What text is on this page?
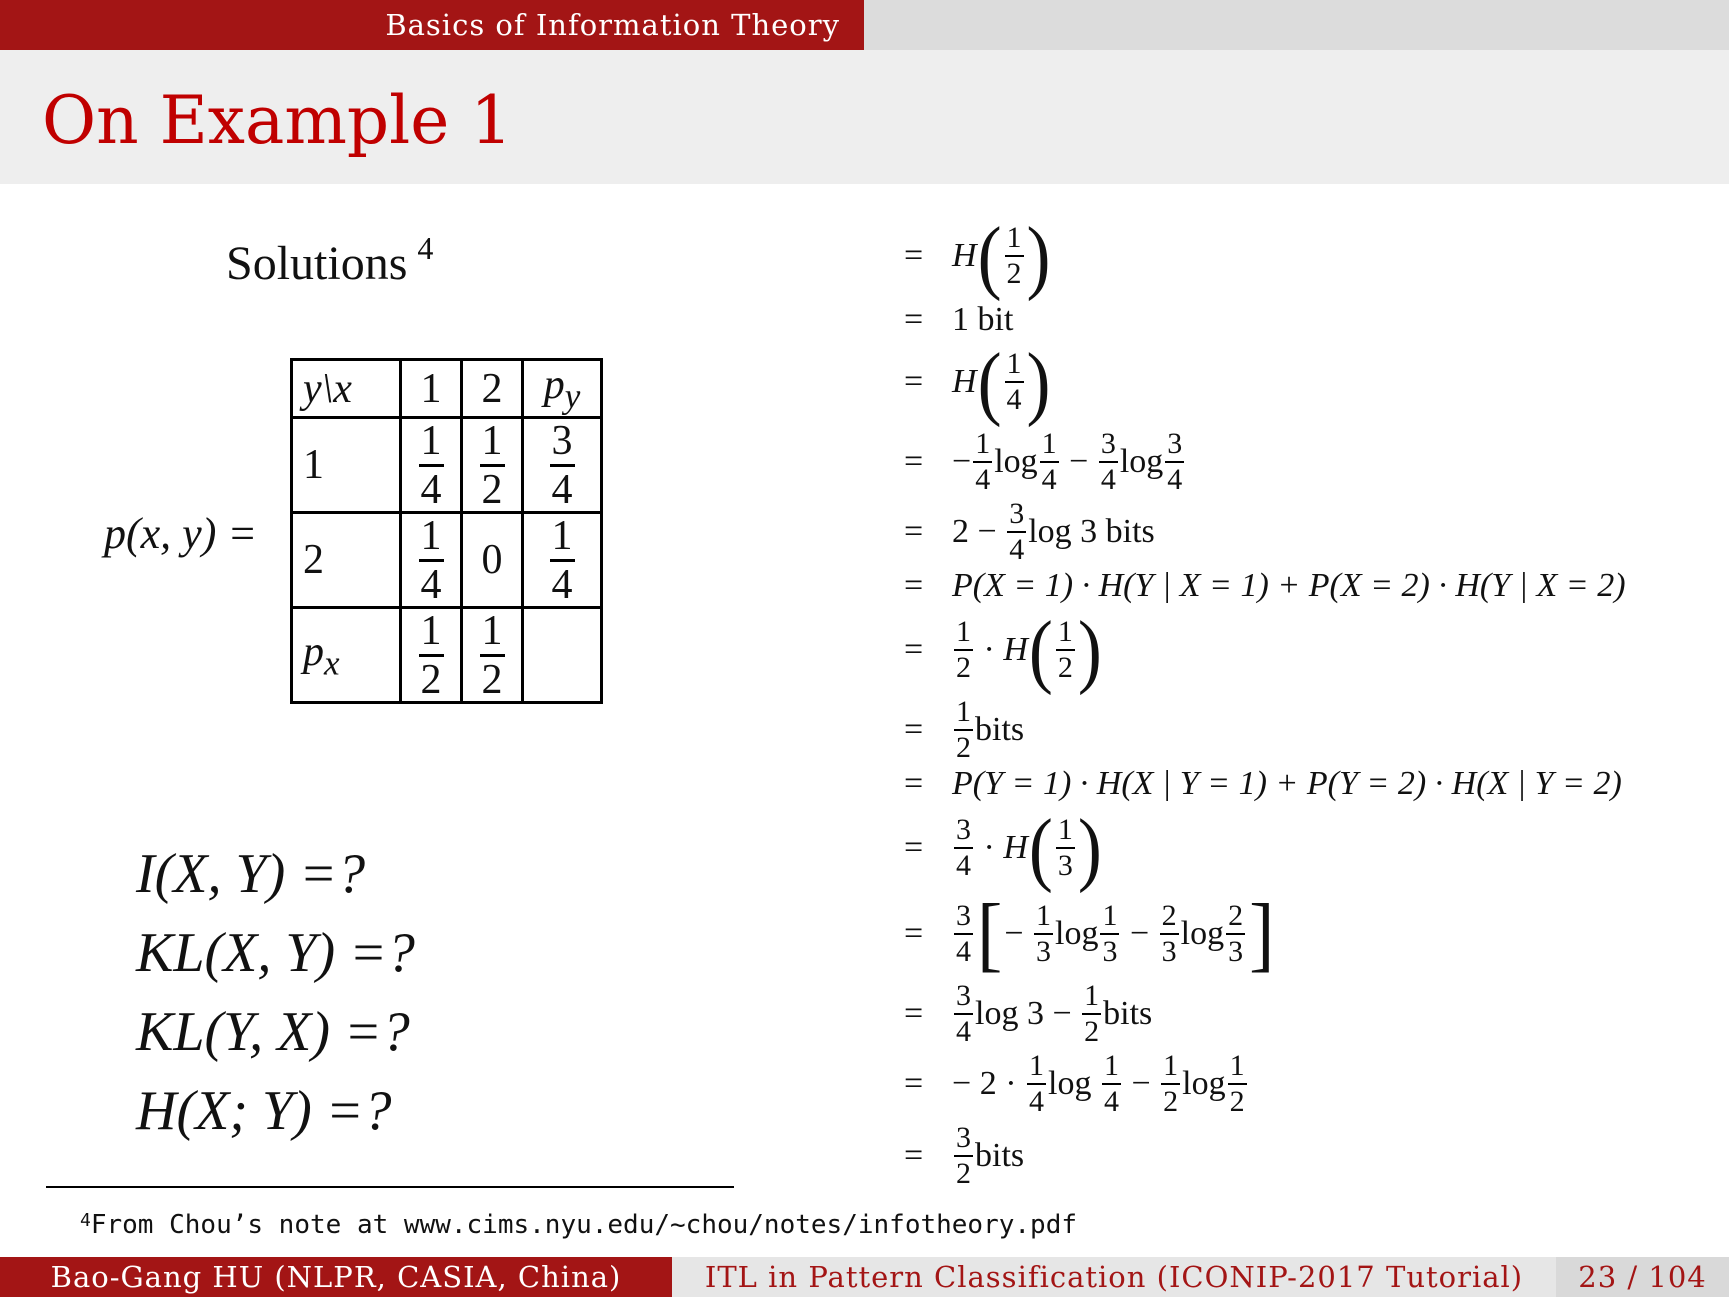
Basics of Information Theory
On Example 1
Solutions $^4$
p(x, y) =
y\x	1	2	$p_y$
1	$\frac{1}{4}$	$\frac{1}{2}$	$\frac{3}{4}$

2	$\frac{1}{4}$	0	$\frac{1}{4}$

$p_x$	$\frac{1}{2}$	$\frac{1}{2}$

I(X, Y) =?
KL(X, Y) =?
KL(Y, X) =?
H(X; Y) =?
= H ( $\frac{1}{2}$ )
= 1 bit
= H ( $\frac{1}{4}$ )
= − $\frac{1}{4}$ $\log \frac{1}{4}$
−
$\frac{3}{4}$ $\log \frac{3}{4}$
= 2
−
$\frac{3}{4}$ log 3
bits
= P(X = 1) · H(Y | X = 1) + P(X = 2) · H(Y | X = 2)
= $\frac{1}{2}$
·
H ( $\frac{1}{2}$ )
= $\frac{1}{2}$ bits
= P(Y = 1) · H(X | Y = 1) + P(Y = 2) · H(X | Y = 2)
= $\frac{3}{4}$
·
H ( $\frac{1}{3}$ )
= $\frac{3}{4}$ [ −
$\frac{1}{3}$ $\log \frac{1}{3}$
−
$\frac{2}{3}$ $\log \frac{2}{3}$ ]
= $\frac{3}{4}$ log 3
−
$\frac{1}{2}$ bits
= −
2
·
$\frac{1}{4}$ log
$\frac{1}{4}$
−
$\frac{1}{2}$ $\log \frac{1}{2}$
= $\frac{3}{2}$ bits
$^4$From Chou’s note at www.cims.nyu.edu/~chou/notes/infotheory.pdf
Bao-Gang HU (NLPR, CASIA, China)	ITL in Pattern Classification (ICONIP-2017 Tutorial)	23 / 104
